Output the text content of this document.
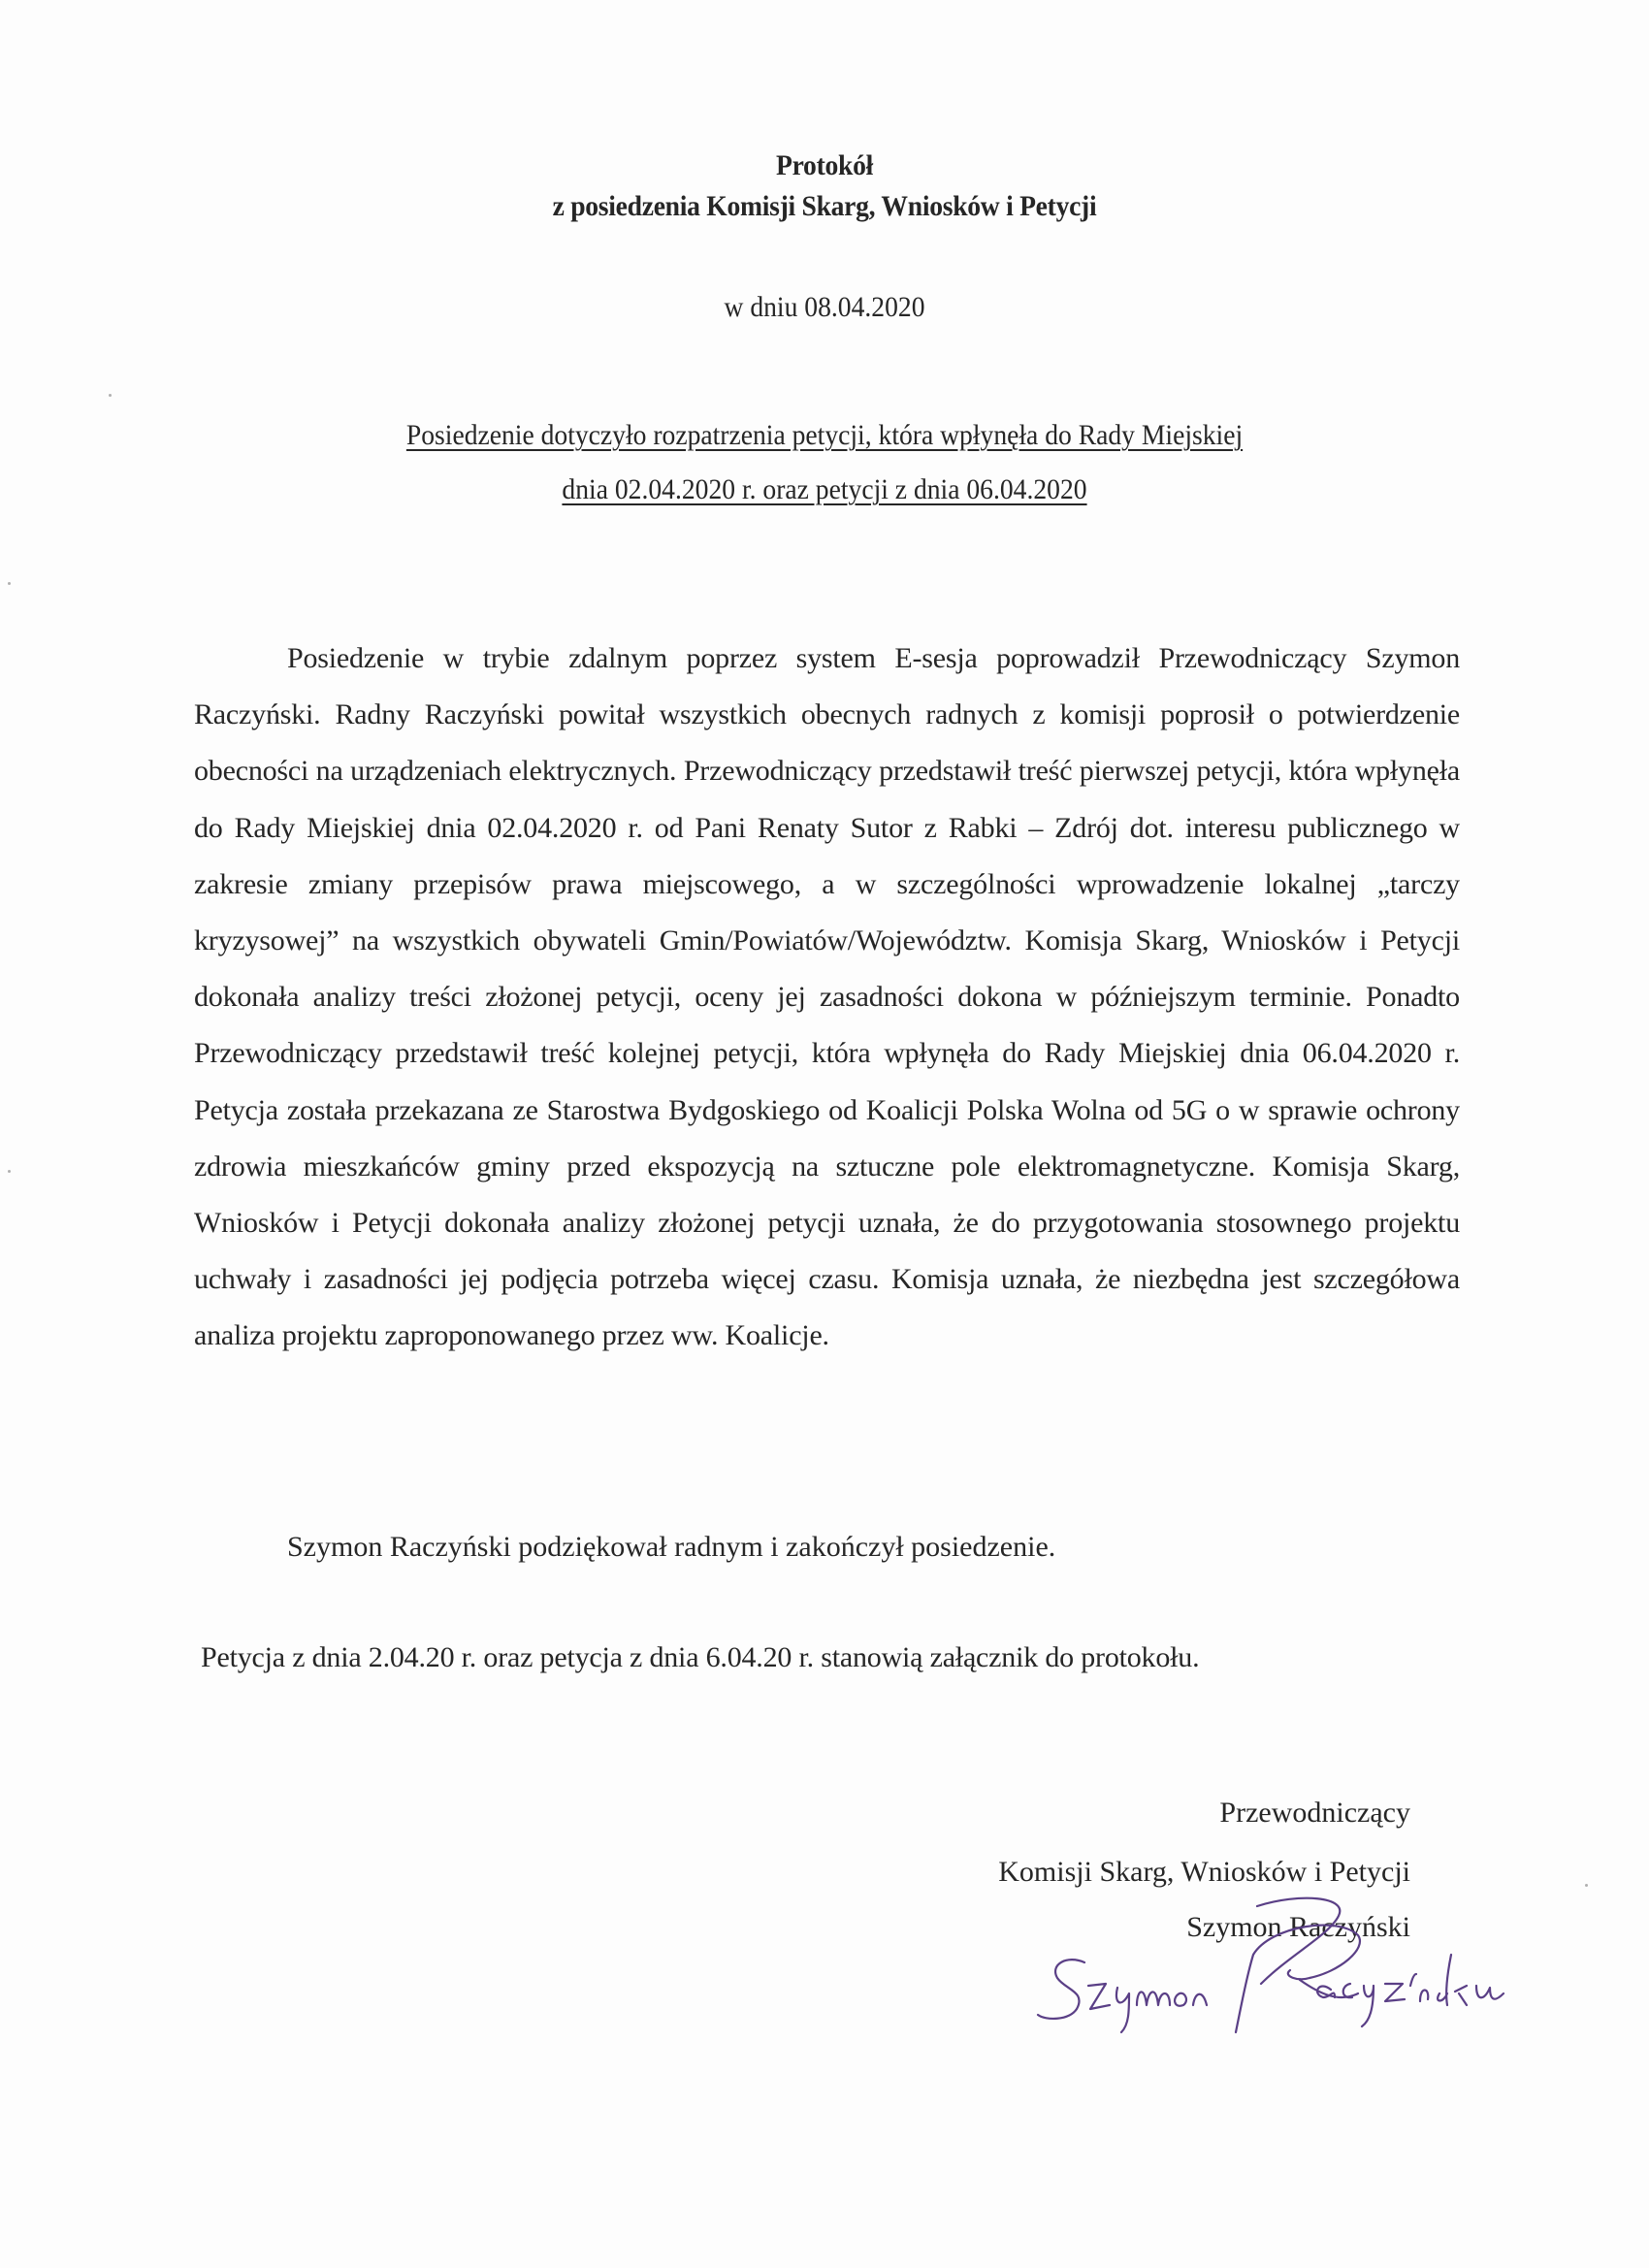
Protokół
z posiedzenia Komisji Skarg, Wniosków i Petycji
w dniu 08.04.2020
Posiedzenie dotyczyło rozpatrzenia petycji, która wpłynęła do Rady Miejskiej
dnia 02.04.2020 r. oraz petycji z dnia 06.04.2020

Posiedzenie w trybie zdalnym poprzez system E-sesja poprowadził Przewodniczący Szymon Raczyński. Radny Raczyński powitał wszystkich obecnych radnych z komisji poprosił o potwierdzenie obecności na urządzeniach elektrycznych. Przewodniczący przedstawił treść pierwszej petycji, która wpłynęła do Rady Miejskiej dnia 02.04.2020 r. od Pani Renaty Sutor z Rabki – Zdrój dot. interesu publicznego w zakresie zmiany przepisów prawa miejscowego, a w szczególności wprowadzenie lokalnej „tarczy kryzysowej” na wszystkich obywateli Gmin/Powiatów/Województw. Komisja Skarg, Wniosków i Petycji dokonała analizy treści złożonej petycji, oceny jej zasadności dokona w późniejszym terminie. Ponadto Przewodniczący przedstawił treść kolejnej petycji, która wpłynęła do Rady Miejskiej dnia 06.04.2020 r. Petycja została przekazana ze Starostwa Bydgoskiego od Koalicji Polska Wolna od 5G o w sprawie ochrony zdrowia mieszkańców gminy przed ekspozycją na sztuczne pole elektromagnetyczne. Komisja Skarg, Wniosków i Petycji dokonała analizy złożonej petycji uznała, że do przygotowania stosownego projektu uchwały i zasadności jej podjęcia potrzeba więcej czasu. Komisja uznała, że niezbędna jest szczegółowa analiza projektu zaproponowanego przez ww. Koalicje.

Szymon Raczyński podziękował radnym i zakończył posiedzenie.
Petycja z dnia 2.04.20 r. oraz petycja z dnia 6.04.20 r. stanowią załącznik do protokołu.
Przewodniczący
Komisji Skarg, Wniosków i Petycji
Szymon Raczyński
